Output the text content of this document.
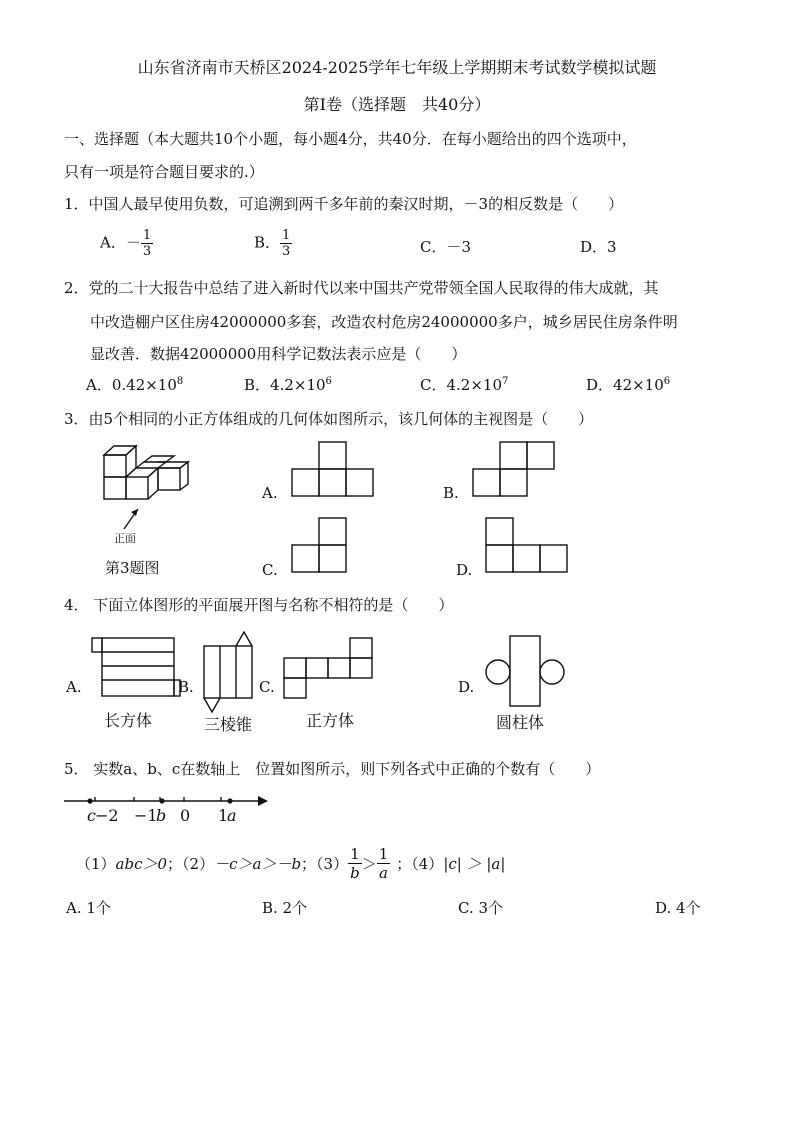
山东省济南市天桥区2024-2025学年七年级上学期期末考试数学模拟试题
第Ⅰ卷（选择题　共40分）
一、选择题（本大题共10个小题，每小题4分，共40分．在每小题给出的四个选项中，
只有一项是符合题目要求的.）
1．中国人最早使用负数，可追溯到两千多年前的秦汉时期，－3的相反数是（　　）
A．－ $\frac{1}{3}$	B． $\frac{1}{3}$	C．－3	D．3
2．党的二十大报告中总结了进入新时代以来中国共产党带领全国人民取得的伟大成就，其
中改造棚户区住房42000000多套，改造农村危房24000000多户，城乡居民住房条件明
显改善．数据42000000用科学记数法表示应是（　　）
A．$0.42\times 10^8$	B．$4.2\times 10^6$	C．$4.2\times 10^7$	D．$42\times 10^6$
3．由5个相同的小正方体组成的几何体如图所示，该几何体的主视图是（　　）
正面
第3题图
A.	B.
C.	D.
4． 下面立体图形的平面展开图与名称不相符的是（　　）
A.
长方体
B.
三棱锥
C.
正方体
D.
圆柱体
5． 实数a、b、c在数轴上　位置如图所示，则下列各式中正确的个数有（　　）
c −2 −1
b 0 1
a
（1） abc＞0 ；（2） －c＞a＞－b ；$(3) \frac{1}{b} > \frac{1}{a}$ ；（4） |c| ＞ |a|
A. 1个	B. 2个	C. 3个	D. 4个
